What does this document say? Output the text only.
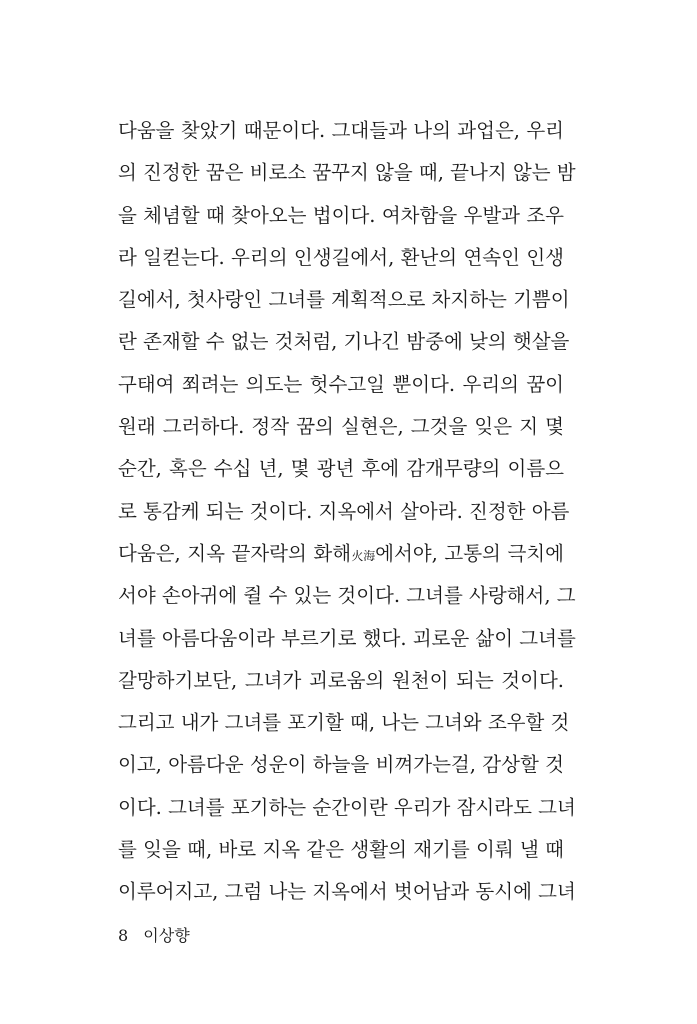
다움을 찾았기 때문이다. 그대들과 나의 과업은, 우리
의 진정한 꿈은 비로소 꿈꾸지 않을 때, 끝나지 않는 밤
을 체념할 때 찾아오는 법이다. 여차함을 우발과 조우
라 일컫는다. 우리의 인생길에서, 환난의 연속인 인생
길에서, 첫사랑인 그녀를 계획적으로 차지하는 기쁨이
란 존재할 수 없는 것처럼, 기나긴 밤중에 낮의 햇살을
구태여 쬐려는 의도는 헛수고일 뿐이다. 우리의 꿈이
원래 그러하다. 정작 꿈의 실현은, 그것을 잊은 지 몇
순간, 혹은 수십 년, 몇 광년 후에 감개무량의 이름으
로 통감케 되는 것이다. 지옥에서 살아라. 진정한 아름
다움은, 지옥 끝자락의 화해火海에서야, 고통의 극치에
서야 손아귀에 쥘 수 있는 것이다. 그녀를 사랑해서, 그
녀를 아름다움이라 부르기로 했다. 괴로운 삶이 그녀를
갈망하기보단, 그녀가 괴로움의 원천이 되는 것이다.
그리고 내가 그녀를 포기할 때, 나는 그녀와 조우할 것
이고, 아름다운 성운이 하늘을 비껴가는걸, 감상할 것
이다. 그녀를 포기하는 순간이란 우리가 잠시라도 그녀
를 잊을 때, 바로 지옥 같은 생활의 재기를 이뤄 낼 때
이루어지고, 그럼 나는 지옥에서 벗어남과 동시에 그녀
8 이상향
